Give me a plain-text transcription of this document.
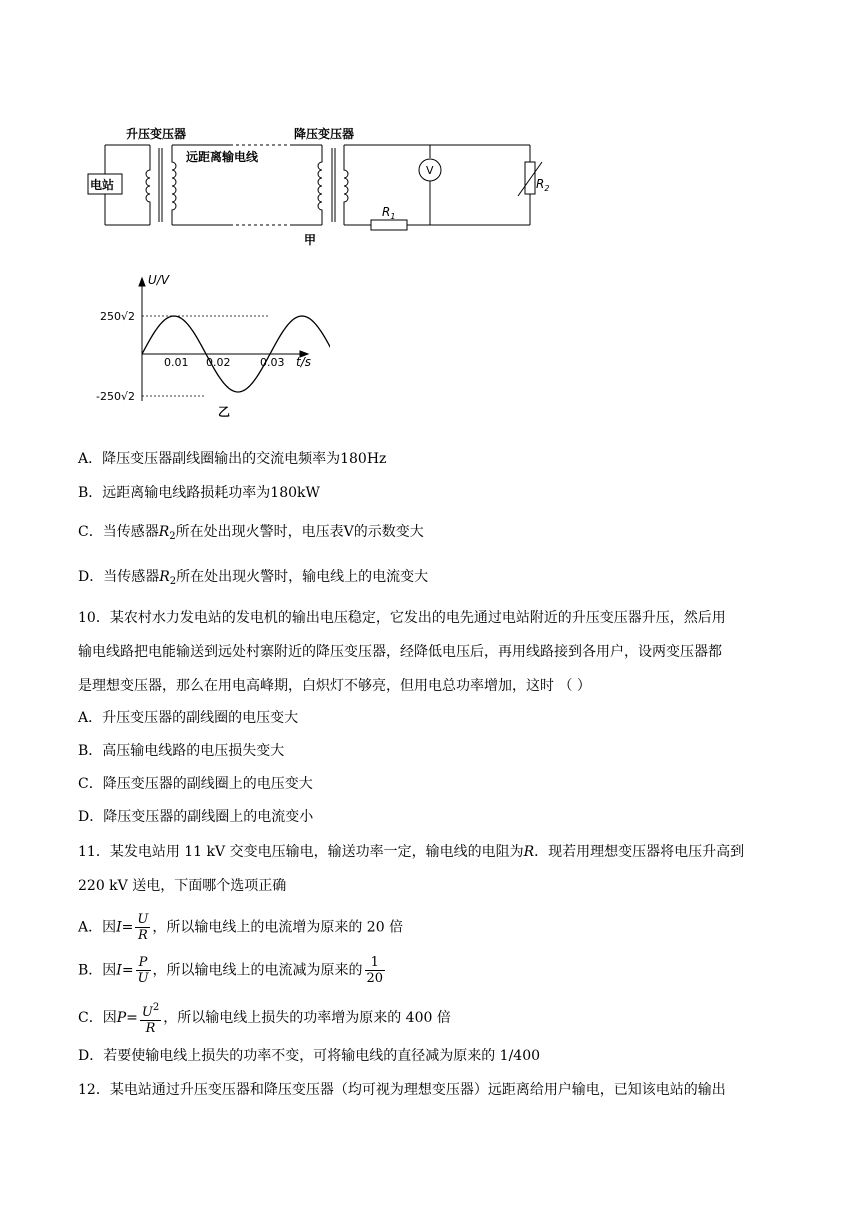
电站
升压变压器
远距离输电线
降压变压器
V
$R_1$
$R_2$
甲
U/V
250√2
-250√2
0.01 0.02	0.03 t/s
乙
A．降压变压器副线圈输出的交流电频率为180Hz
B．远距离输电线路损耗功率为180kW
C．当传感器$R_2$所在处出现火警时，电压表V的示数变大
D．当传感器$R_2$所在处出现火警时，输电线上的电流变大
10．某农村水力发电站的发电机的输出电压稳定，它发出的电先通过电站附近的升压变压器升压，然后用
输电线路把电能输送到远处村寨附近的降压变压器，经降低电压后，再用线路接到各用户，设两变压器都
是理想变压器，那么在用电高峰期，白炽灯不够亮，但用电总功率增加，这时 （ ）
A．升压变压器的副线圈的电压变大
B．高压输电线路的电压损失变大
C．降压变压器的副线圈上的电压变大
D．降压变压器的副线圈上的电流变小
11．某发电站用 11 kV 交变电压输电，输送功率一定，输电线的电阻为R．现若用理想变压器将电压升高到
220 kV 送电，下面哪个选项正确
A．因$I= \frac{U}{R}$ ，所以输电线上的电流增为原来的 20 倍
B．因$I= \frac{P}{U}$ ，所以输电线上的电流减为原来的 $\frac{1}{20}$
C．因$P= \frac{U^2}{R}$ ，所以输电线上损失的功率增为原来的 400 倍
D．若要使输电线上损失的功率不变，可将输电线的直径减为原来的 1/400
12．某电站通过升压变压器和降压变压器（均可视为理想变压器）远距离给用户输电，已知该电站的输出
